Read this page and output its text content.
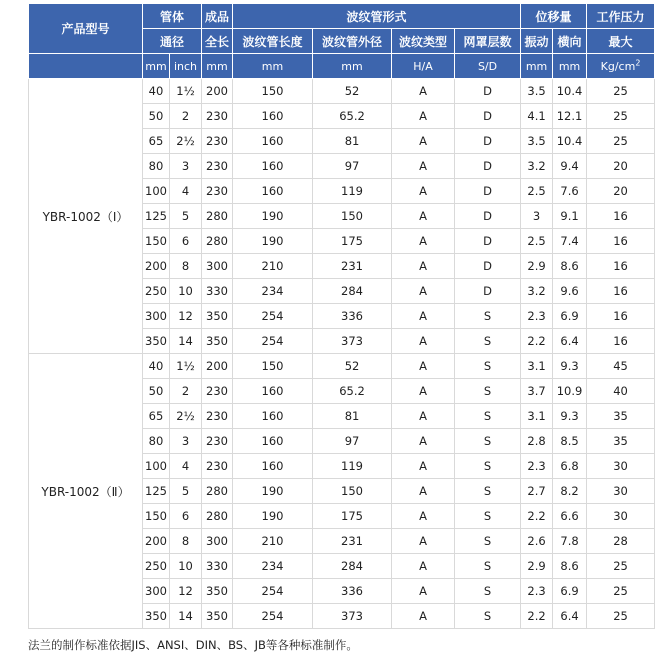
产品型号	管体		成品	波纹管形式				位移量		工作压力
	通径		全长	波纹管长度	波纹管外径	波纹类型	网罩层数	振动	横向	最大
	mm	inch	mm	mm	mm	H/A	S/D	mm	mm	$Kg/cm^2$
YBR-1002（Ⅰ）	40	1½	200	150	52	A	D	3.5	10.4	25
	50	2	230	160	65.2	A	D	4.1	12.1	25
	65	2½	230	160	81	A	D	3.5	10.4	25
	80	3	230	160	97	A	D	3.2	9.4	20
	100	4	230	160	119	A	D	2.5	7.6	20
	125	5	280	190	150	A	D	3	9.1	16
	150	6	280	190	175	A	D	2.5	7.4	16
	200	8	300	210	231	A	D	2.9	8.6	16
	250	10	330	234	284	A	D	3.2	9.6	16
	300	12	350	254	336	A	S	2.3	6.9	16
	350	14	350	254	373	A	S	2.2	6.4	16
YBR-1002（Ⅱ）	40	1½	200	150	52	A	S	3.1	9.3	45
	50	2	230	160	65.2	A	S	3.7	10.9	40
	65	2½	230	160	81	A	S	3.1	9.3	35
	80	3	230	160	97	A	S	2.8	8.5	35
	100	4	230	160	119	A	S	2.3	6.8	30
	125	5	280	190	150	A	S	2.7	8.2	30
	150	6	280	190	175	A	S	2.2	6.6	30
	200	8	300	210	231	A	S	2.6	7.8	28
	250	10	330	234	284	A	S	2.9	8.6	25
	300	12	350	254	336	A	S	2.3	6.9	25
	350	14	350	254	373	A	S	2.2	6.4	25
法兰的制作标准依据JIS、ANSI、DIN、BS、JB等各种标准制作。
